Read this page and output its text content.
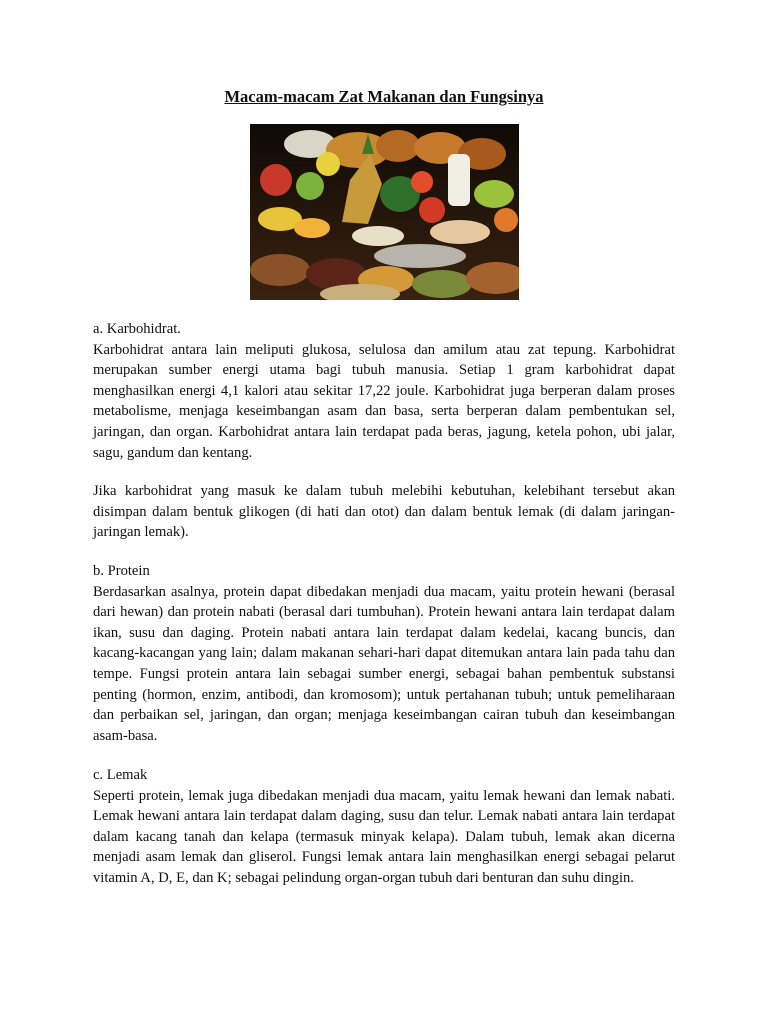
Macam-macam Zat Makanan dan Fungsinya
a. Karbohidrat.

Karbohidrat antara lain meliputi glukosa, selulosa dan amilum atau zat tepung. Karbohidrat merupakan sumber energi utama bagi tubuh manusia. Setiap 1 gram karbohidrat dapat menghasilkan energi 4,1 kalori atau sekitar 17,22 joule. Karbohidrat juga berperan dalam proses metabolisme, menjaga keseimbangan asam dan basa, serta berperan dalam pembentukan sel, jaringan, dan organ. Karbohidrat antara lain terdapat pada beras, jagung, ketela pohon, ubi jalar, sagu, gandum dan kentang.

Jika karbohidrat yang masuk ke dalam tubuh melebihi kebutuhan, kelebihant tersebut akan disimpan dalam bentuk glikogen (di hati dan otot) dan dalam bentuk lemak (di dalam jaringan-jaringan lemak).

b. Protein

Berdasarkan asalnya, protein dapat dibedakan menjadi dua macam, yaitu protein hewani (berasal dari hewan) dan protein nabati (berasal dari tumbuhan). Protein hewani antara lain terdapat dalam ikan, susu dan daging. Protein nabati antara lain terdapat dalam kedelai, kacang buncis, dan kacang-kacangan yang lain; dalam makanan sehari-hari dapat ditemukan antara lain pada tahu dan tempe. Fungsi protein antara lain sebagai sumber energi, sebagai bahan pembentuk substansi penting (hormon, enzim, antibodi, dan kromosom); untuk pertahanan tubuh; untuk pemeliharaan dan perbaikan sel, jaringan, dan organ; menjaga keseimbangan cairan tubuh dan keseimbangan asam-basa.

c. Lemak

Seperti protein, lemak juga dibedakan menjadi dua macam, yaitu lemak hewani dan lemak nabati. Lemak hewani antara lain terdapat dalam daging, susu dan telur. Lemak nabati antara lain terdapat dalam kacang tanah dan kelapa (termasuk minyak kelapa). Dalam tubuh, lemak akan dicerna menjadi asam lemak dan gliserol. Fungsi lemak antara lain menghasilkan energi sebagai pelarut vitamin A, D, E, dan K; sebagai pelindung organ-organ tubuh dari benturan dan suhu dingin.
